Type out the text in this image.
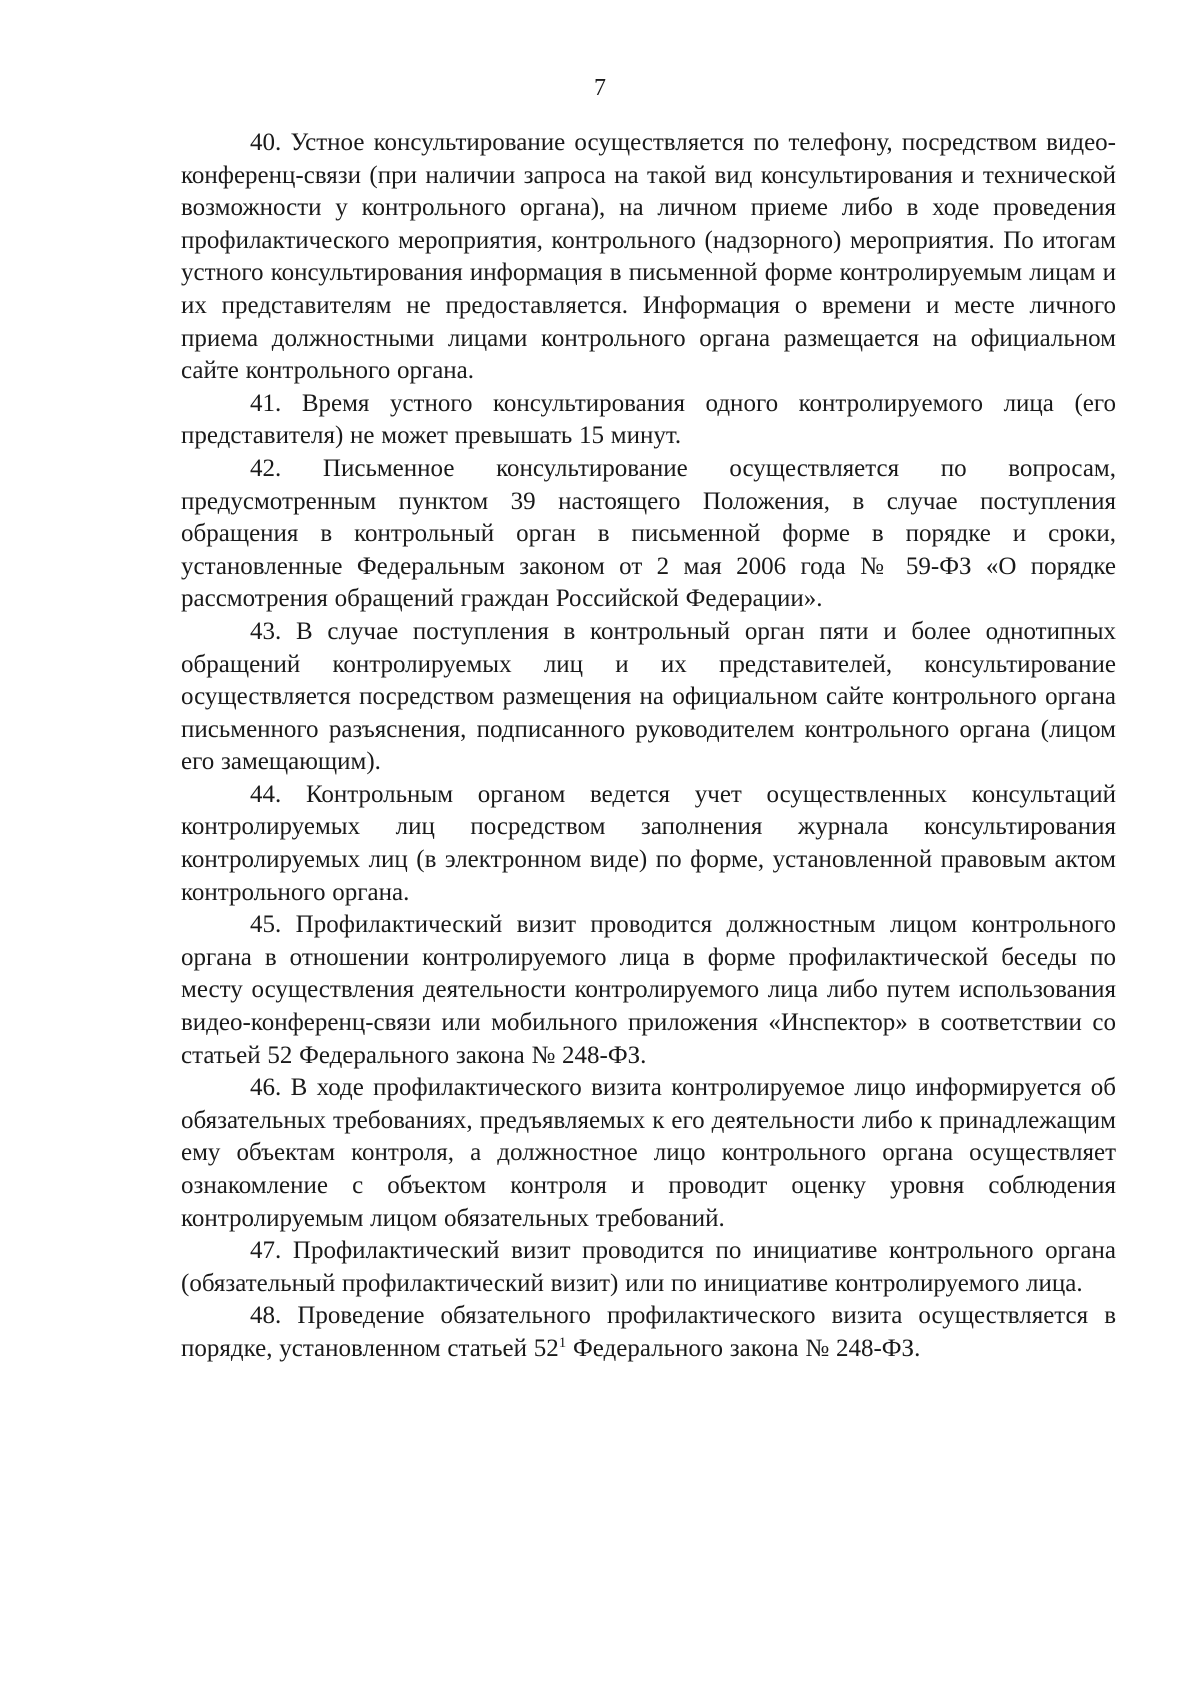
7

40. Устное консультирование осуществляется по телефону, посредством видео-конференц-связи (при наличии запроса на такой вид консультирования и технической возможности у контрольного органа), на личном приеме либо в ходе проведения профилактического мероприятия, контрольного (надзорного) мероприятия. По итогам устного консультирования информация в письменной форме контролируемым лицам и их представителям не предоставляется. Информация о времени и месте личного приема должностными лицами контрольного органа размещается на официальном сайте контрольного органа.

41. Время устного консультирования одного контролируемого лица (его представителя) не может превышать 15 минут.

42. Письменное консультирование осуществляется по вопросам, предусмотренным пунктом 39 настоящего Положения, в случае поступления обращения в контрольный орган в письменной форме в порядке и сроки, установленные Федеральным законом от 2 мая 2006 года № 59-ФЗ «О порядке рассмотрения обращений граждан Российской Федерации».

43. В случае поступления в контрольный орган пяти и более однотипных обращений контролируемых лиц и их представителей, консультирование осуществляется посредством размещения на официальном сайте контрольного органа письменного разъяснения, подписанного руководителем контрольного органа (лицом его замещающим).

44. Контрольным органом ведется учет осуществленных консультаций контролируемых лиц посредством заполнения журнала консультирования контролируемых лиц (в электронном виде) по форме, установленной правовым актом контрольного органа.

45. Профилактический визит проводится должностным лицом контрольного органа в отношении контролируемого лица в форме профилактической беседы по месту осуществления деятельности контролируемого лица либо путем использования видео-конференц-связи или мобильного приложения «Инспектор» в соответствии со статьей 52 Федерального закона № 248-ФЗ.

46. В ходе профилактического визита контролируемое лицо информируется об обязательных требованиях, предъявляемых к его деятельности либо к принадлежащим ему объектам контроля, а должностное лицо контрольного органа осуществляет ознакомление с объектом контроля и проводит оценку уровня соблюдения контролируемым лицом обязательных требований.

47. Профилактический визит проводится по инициативе контрольного органа (обязательный профилактический визит) или по инициативе контролируемого лица.

48. Проведение обязательного профилактического визита осуществляется в порядке, установленном статьей $52^1$ Федерального закона № 248-ФЗ.
